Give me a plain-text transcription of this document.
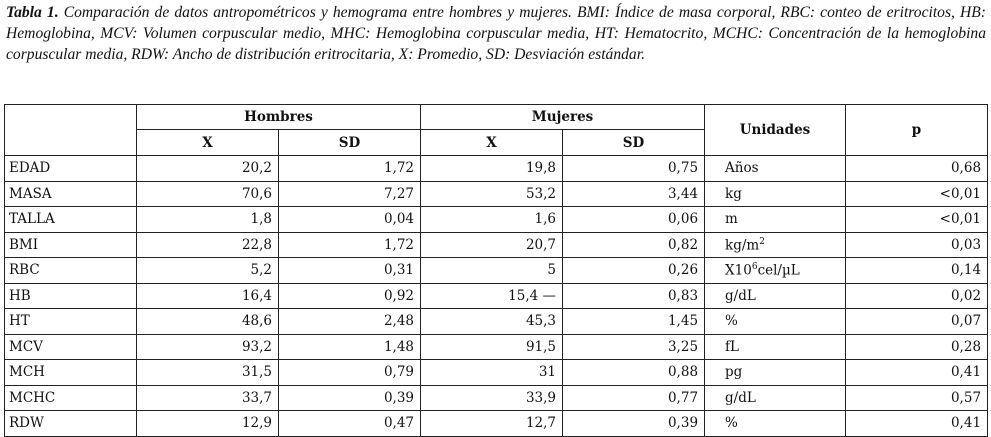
Tabla 1. Comparación de datos antropométricos y hemograma entre hombres y mujeres. BMI: Índice de masa corporal, RBC: conteo de eritrocitos, HB: Hemoglobina, MCV: Volumen corpuscular medio, MHC: Hemoglobina corpuscular media, HT: Hematocrito, MCHC: Concentración de la hemoglobina corpuscular media, RDW: Ancho de distribución eritrocitaria, X: Promedio, SD: Desviación estándar.

	Hombres		Mujeres		Unidades	p
	X	SD	X	SD		
EDAD	20,2	1,72	19,8	0,75	Años	0,68
MASA	70,6	7,27	53,2	3,44	kg	<0,01
TALLA	1,8	0,04	1,6	0,06	m	<0,01
BMI	22,8	1,72	20,7	0,82	$kg/m^2$	0,03
RBC	5,2	0,31	5	0,26	$X10^6cel/\mu L$	0,14
HB	16,4	0,92	15,4 —	0,83	g/dL	0,02
HT	48,6	2,48	45,3	1,45	%	0,07
MCV	93,2	1,48	91,5	3,25	fL	0,28
MCH	31,5	0,79	31	0,88	pg	0,41
MCHC	33,7	0,39	33,9	0,77	g/dL	0,57
RDW	12,9	0,47	12,7	0,39	%	0,41
